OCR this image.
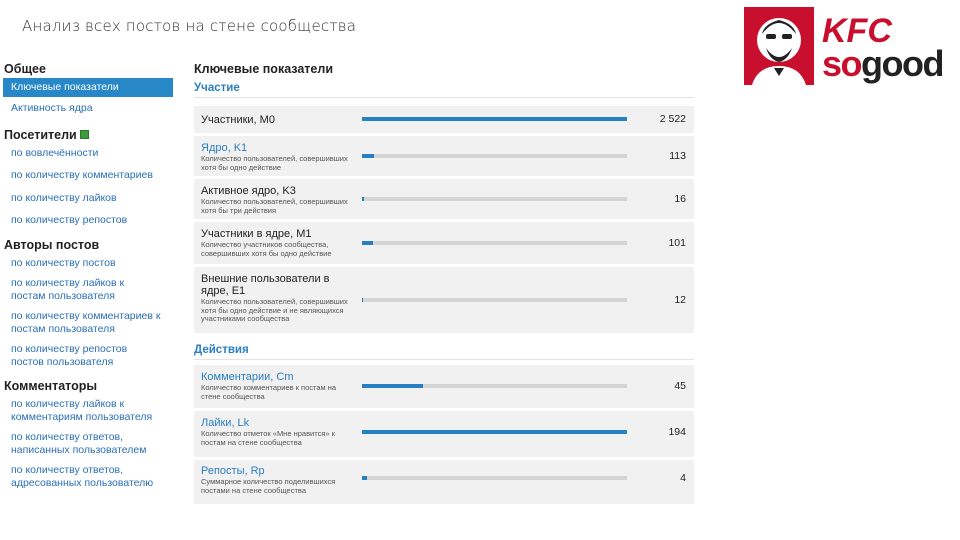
Анализ всех постов на стене сообщества	KFC
sogood
Общее
Ключевые показатели
Активность ядра
Посетители
по вовлечённости
по количеству комментариев
по количеству лайков
по количеству репостов
Авторы постов
по количеству постов
по количеству лайков к постам пользователя
по количеству комментариев к постам пользователя
по количеству репостов постов пользователя
Комментаторы
по количеству лайков к комментариям пользователя
по количеству ответов, написанных пользователем
по количеству ответов, адресованных пользователю
Ключевые показатели
Участие
Участники, M0	2 522
Ядро, K1
Количество пользователей, совершивших хотя бы одно действие
113
Активное ядро, K3
Количество пользователей, совершивших хотя бы три действия
16
Участники в ядре, M1
Количество участников сообщества, совершивших хотя бы одно действие
101
Внешние пользователи в ядре, E1
Количество пользователей, совершивших хотя бы одно действие и не являющихся участниками сообщества
12
Действия
Комментарии, Cm
Количество комментариев к постам на стене сообщества
45
Лайки, Lk
Количество отметок «Мне нравится» к постам на стене сообщества
194
Репосты, Rp
Суммарное количество поделившихся постами на стене сообщества
4
